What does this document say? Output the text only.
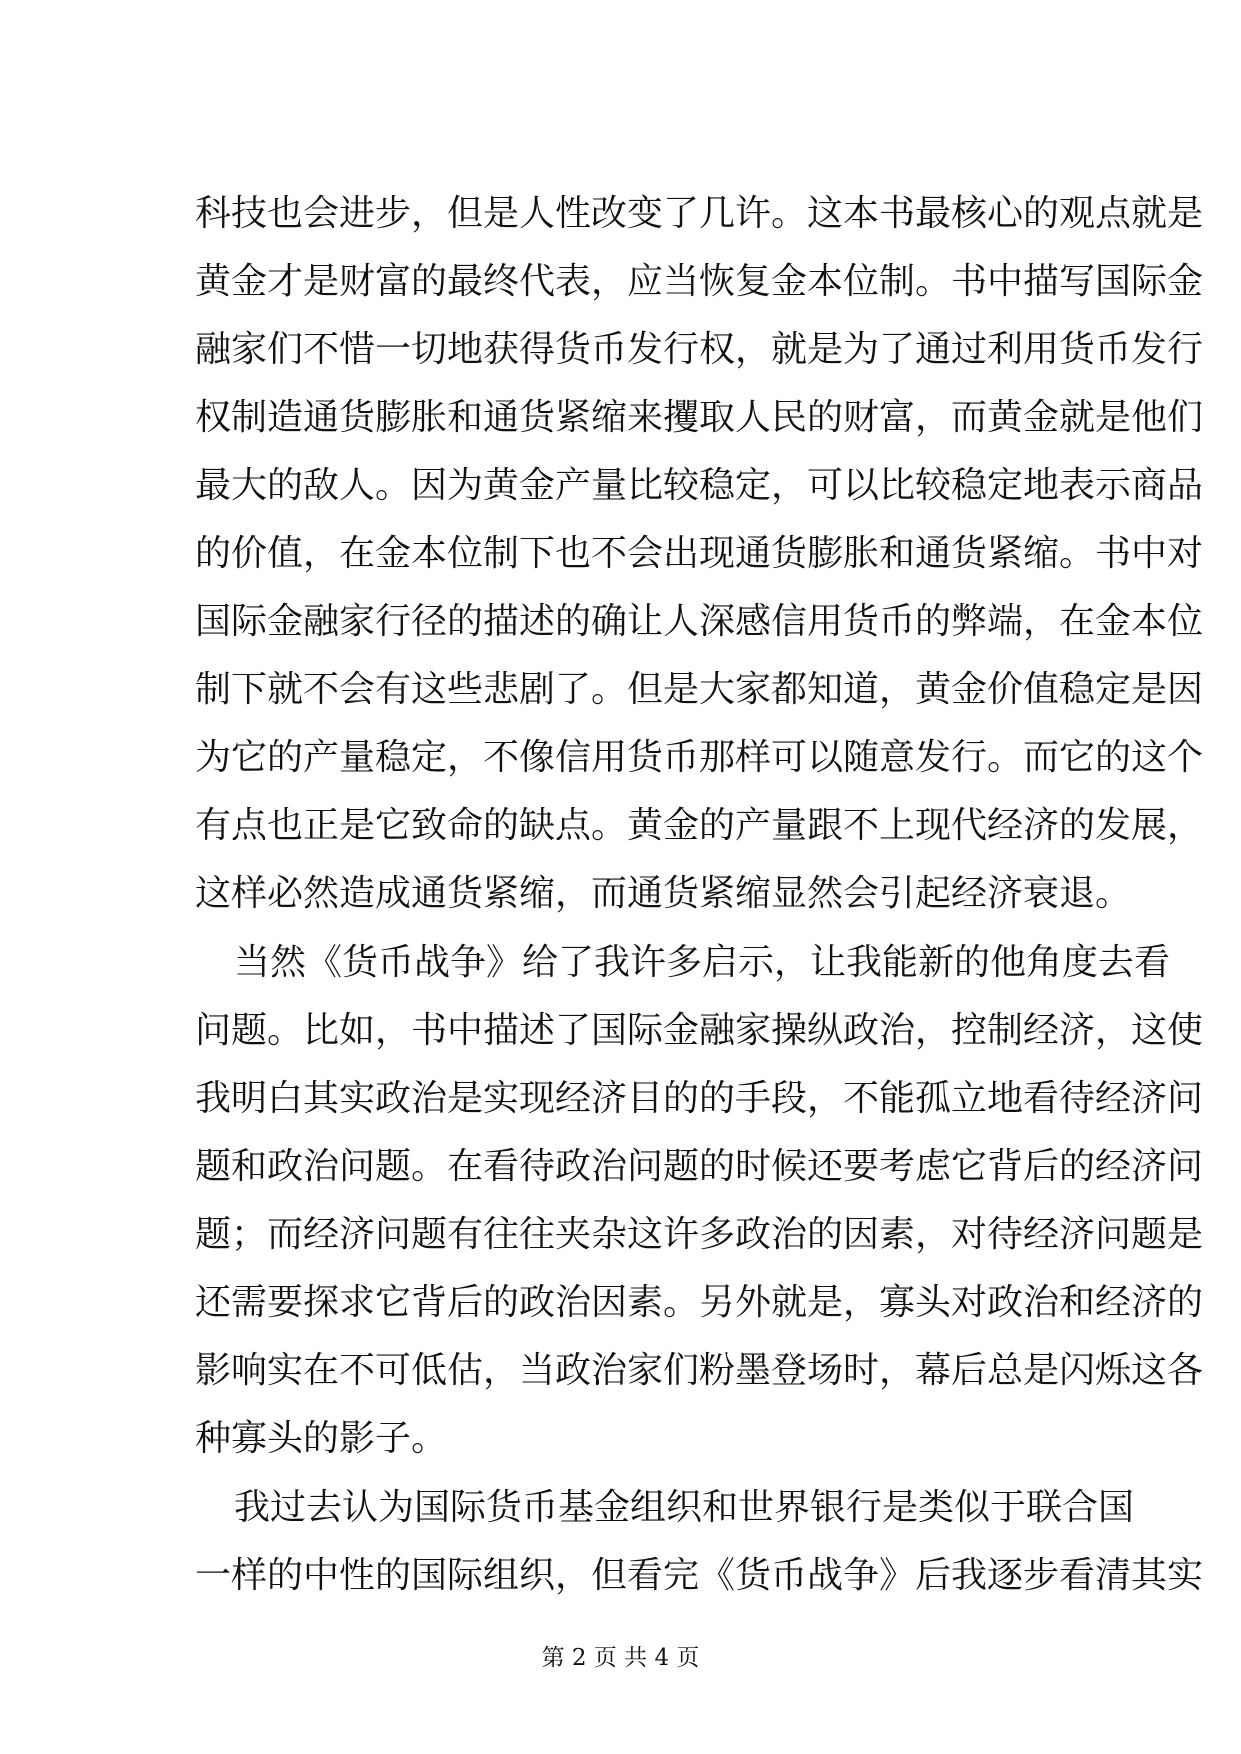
科技也会进步，但是人性改变了几许。这本书最核心的观点就是
黄金才是财富的最终代表，应当恢复金本位制。书中描写国际金
融家们不惜一切地获得货币发行权，就是为了通过利用货币发行
权制造通货膨胀和通货紧缩来攫取人民的财富，而黄金就是他们
最大的敌人。因为黄金产量比较稳定，可以比较稳定地表示商品
的价值，在金本位制下也不会出现通货膨胀和通货紧缩。书中对
国际金融家行径的描述的确让人深感信用货币的弊端，在金本位
制下就不会有这些悲剧了。但是大家都知道，黄金价值稳定是因
为它的产量稳定，不像信用货币那样可以随意发行。而它的这个
有点也正是它致命的缺点。黄金的产量跟不上现代经济的发展，
这样必然造成通货紧缩，而通货紧缩显然会引起经济衰退。
当然《货币战争》给了我许多启示，让我能新的他角度去看
问题。比如，书中描述了国际金融家操纵政治，控制经济，这使
我明白其实政治是实现经济目的的手段，不能孤立地看待经济问
题和政治问题。在看待政治问题的时候还要考虑它背后的经济问
题；而经济问题有往往夹杂这许多政治的因素，对待经济问题是
还需要探求它背后的政治因素。另外就是，寡头对政治和经济的
影响实在不可低估，当政治家们粉墨登场时，幕后总是闪烁这各
种寡头的影子。
我过去认为国际货币基金组织和世界银行是类似于联合国
一样的中性的国际组织，但看完《货币战争》后我逐步看清其实
第 2 页 共 4 页
